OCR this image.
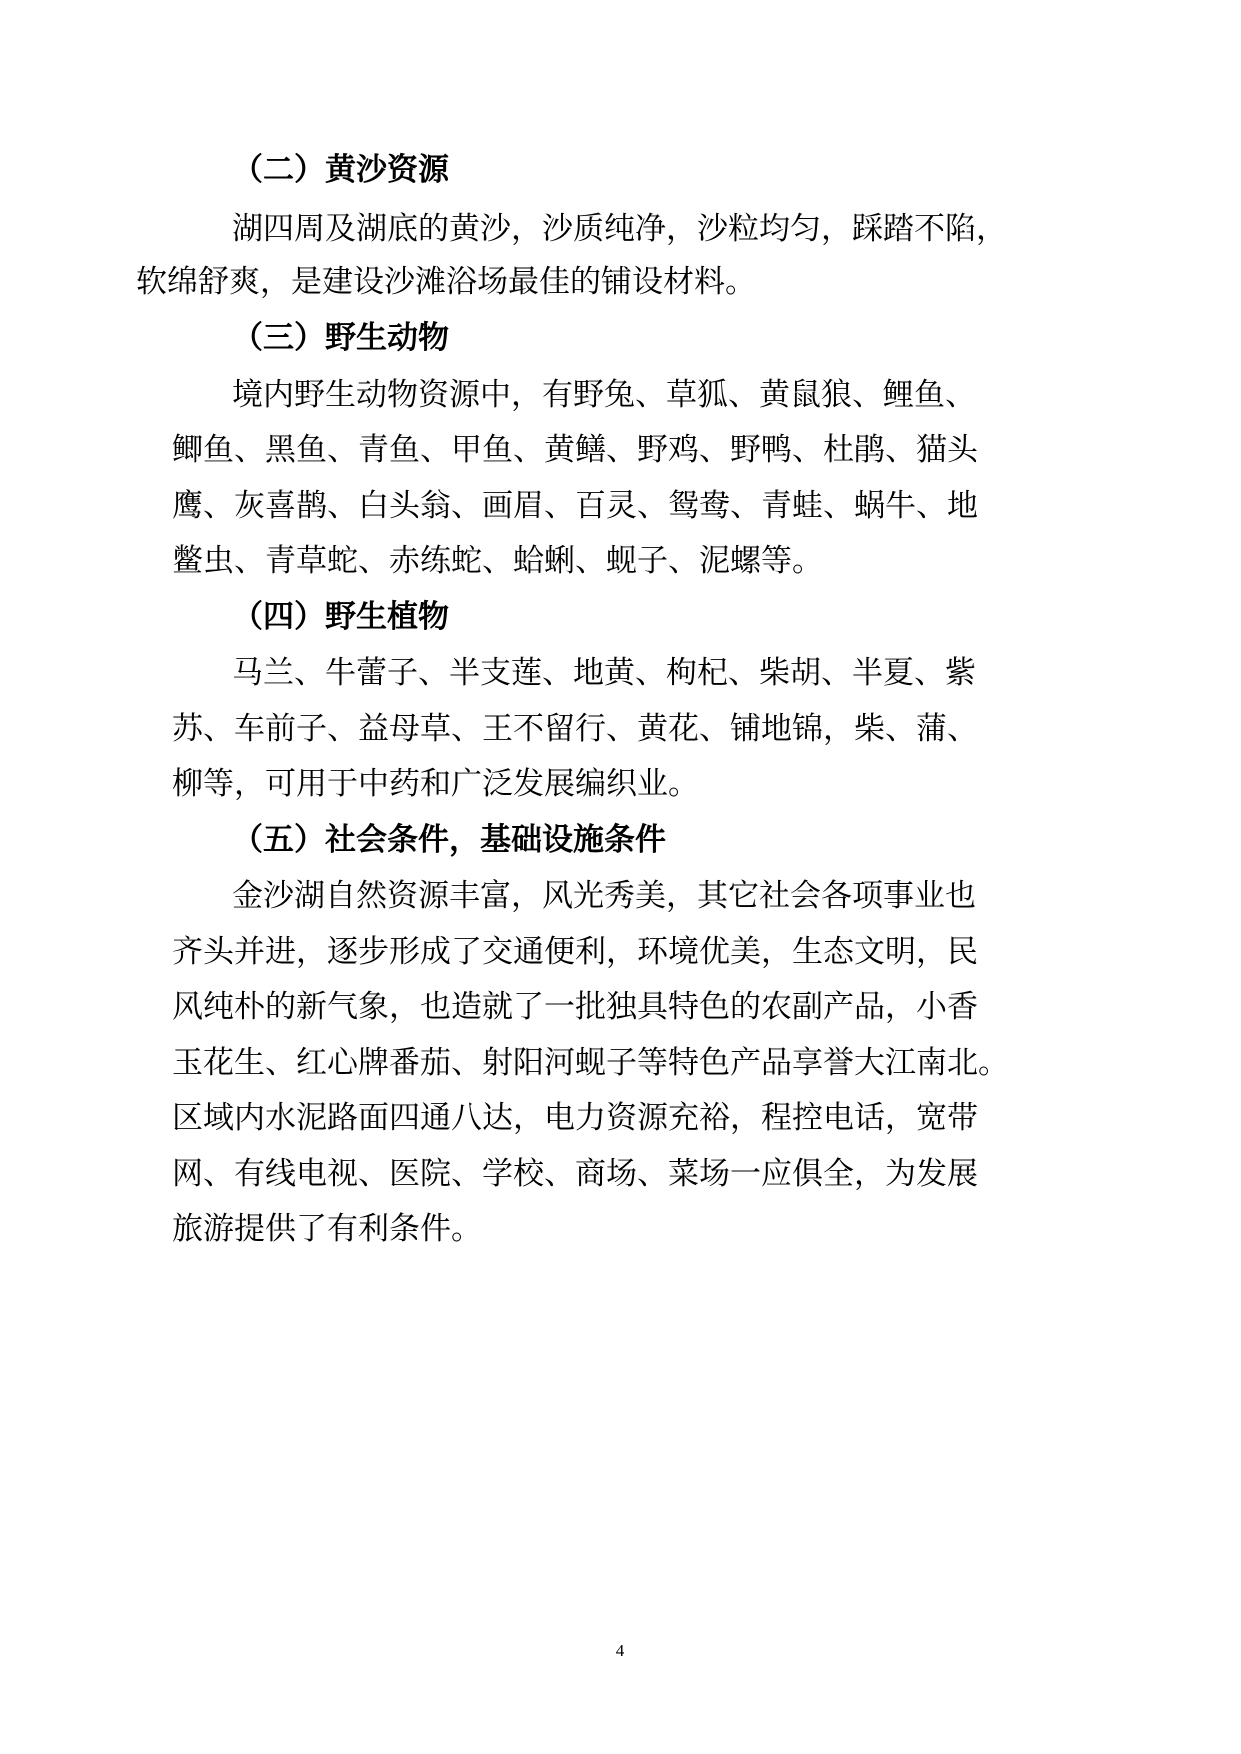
（二）黄沙资源
湖四周及湖底的黄沙，沙质纯净，沙粒均匀，踩踏不陷，
软绵舒爽，是建设沙滩浴场最佳的铺设材料。
（三）野生动物
境内野生动物资源中，有野兔、草狐、黄鼠狼、鲤鱼、
鲫鱼、黑鱼、青鱼、甲鱼、黄鳝、野鸡、野鸭、杜鹃、猫头
鹰、灰喜鹊、白头翁、画眉、百灵、鸳鸯、青蛙、蜗牛、地
鳖虫、青草蛇、赤练蛇、蛤蜊、蚬子、泥螺等。
（四）野生植物
马兰、牛蕾子、半支莲、地黄、枸杞、柴胡、半夏、紫
苏、车前子、益母草、王不留行、黄花、铺地锦，柴、蒲、
柳等，可用于中药和广泛发展编织业。
（五）社会条件，基础设施条件
金沙湖自然资源丰富，风光秀美，其它社会各项事业也
齐头并进，逐步形成了交通便利，环境优美，生态文明，民
风纯朴的新气象，也造就了一批独具特色的农副产品，小香
玉花生、红心牌番茄、射阳河蚬子等特色产品享誉大江南北。
区域内水泥路面四通八达，电力资源充裕，程控电话，宽带
网、有线电视、医院、学校、商场、菜场一应俱全，为发展
旅游提供了有利条件。
4
